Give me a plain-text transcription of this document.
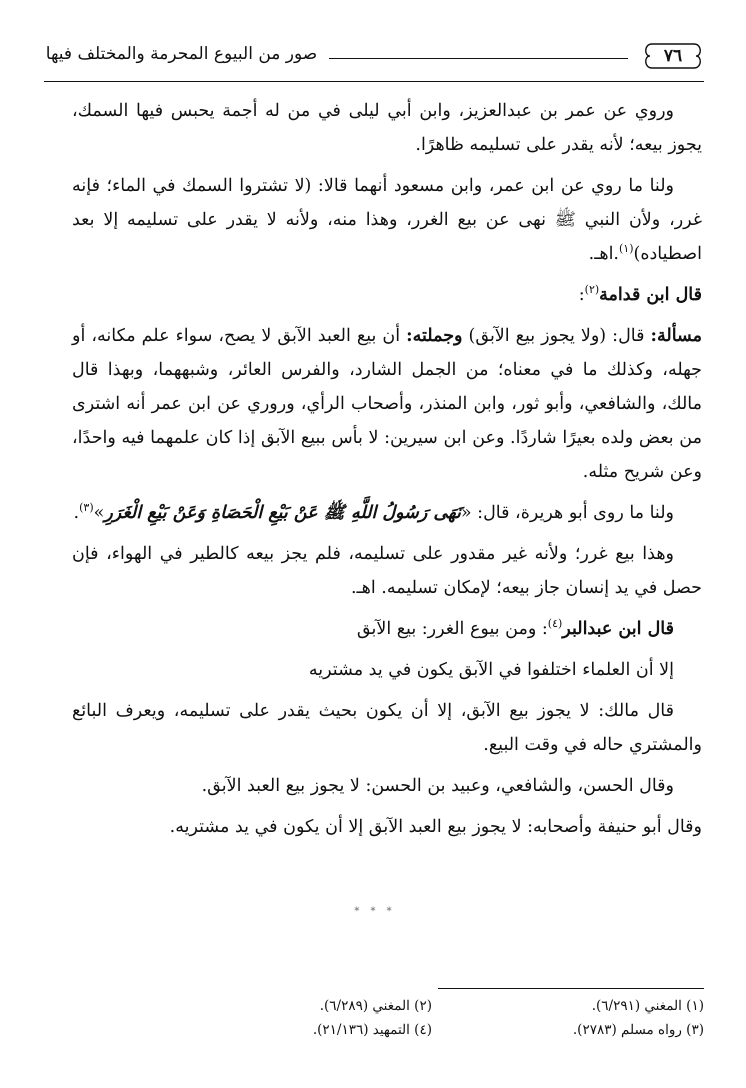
٧٦
صور من البيوع المحرمة والمختلف فيها

وروي عن عمر بن عبدالعزيز، وابن أبي ليلى في من له أجمة يحبس فيها السمك، يجوز بيعه؛ لأنه يقدر على تسليمه ظاهرًا.

ولنا ما روي عن ابن عمر، وابن مسعود أنهما قالا: (لا تشتروا السمك في الماء؛ فإنه غرر، ولأن النبي ﷺ نهى عن بيع الغرر، وهذا منه، ولأنه لا يقدر على تسليمه إلا بعد اصطياده)$^{(١)}$.اهـ.

قال ابن قدامة$^{(٢)}$:

مسألة: قال: (ولا يجوز بيع الآبق) وجملته: أن بيع العبد الآبق لا يصح، سواء علم مكانه، أو جهله، وكذلك ما في معناه؛ من الجمل الشارد، والفرس العائر، وشبههما، وبهذا قال مالك، والشافعي، وأبو ثور، وابن المنذر، وأصحاب الرأي، وروري عن ابن عمر أنه اشترى من بعض ولده بعيرًا شاردًا. وعن ابن سيرين: لا بأس ببيع الآبق إذا كان علمهما فيه واحدًا، وعن شريح مثله.

ولنا ما روى أبو هريرة، قال: «نَهَى رَسُولُ اللَّهِ ﷺ عَنْ بَيْعِ الْحَصَاةِ وَعَنْ بَيْعِ الْغَرَرِ»$^{(٣)}$.

وهذا بيع غرر؛ ولأنه غير مقدور على تسليمه، فلم يجز بيعه كالطير في الهواء، فإن حصل في يد إنسان جاز بيعه؛ لإمكان تسليمه. اهـ.

قال ابن عبدالبر$^{(٤)}$: ومن بيوع الغرر: بيع الآبق

إلا أن العلماء اختلفوا في الآبق يكون في يد مشتريه

قال مالك: لا يجوز بيع الآبق، إلا أن يكون بحيث يقدر على تسليمه، ويعرف البائع والمشتري حاله في وقت البيع.

وقال الحسن، والشافعي، وعبيد بن الحسن: لا يجوز بيع العبد الآبق.

وقال أبو حنيفة وأصحابه: لا يجوز بيع العبد الآبق إلا أن يكون في يد مشتريه.

* * *
(١) المغني (٦/٢٩١).
(٢) المغني (٦/٢٨٩).
(٣) رواه مسلم (٢٧٨٣).
(٤) التمهيد (٢١/١٣٦).
